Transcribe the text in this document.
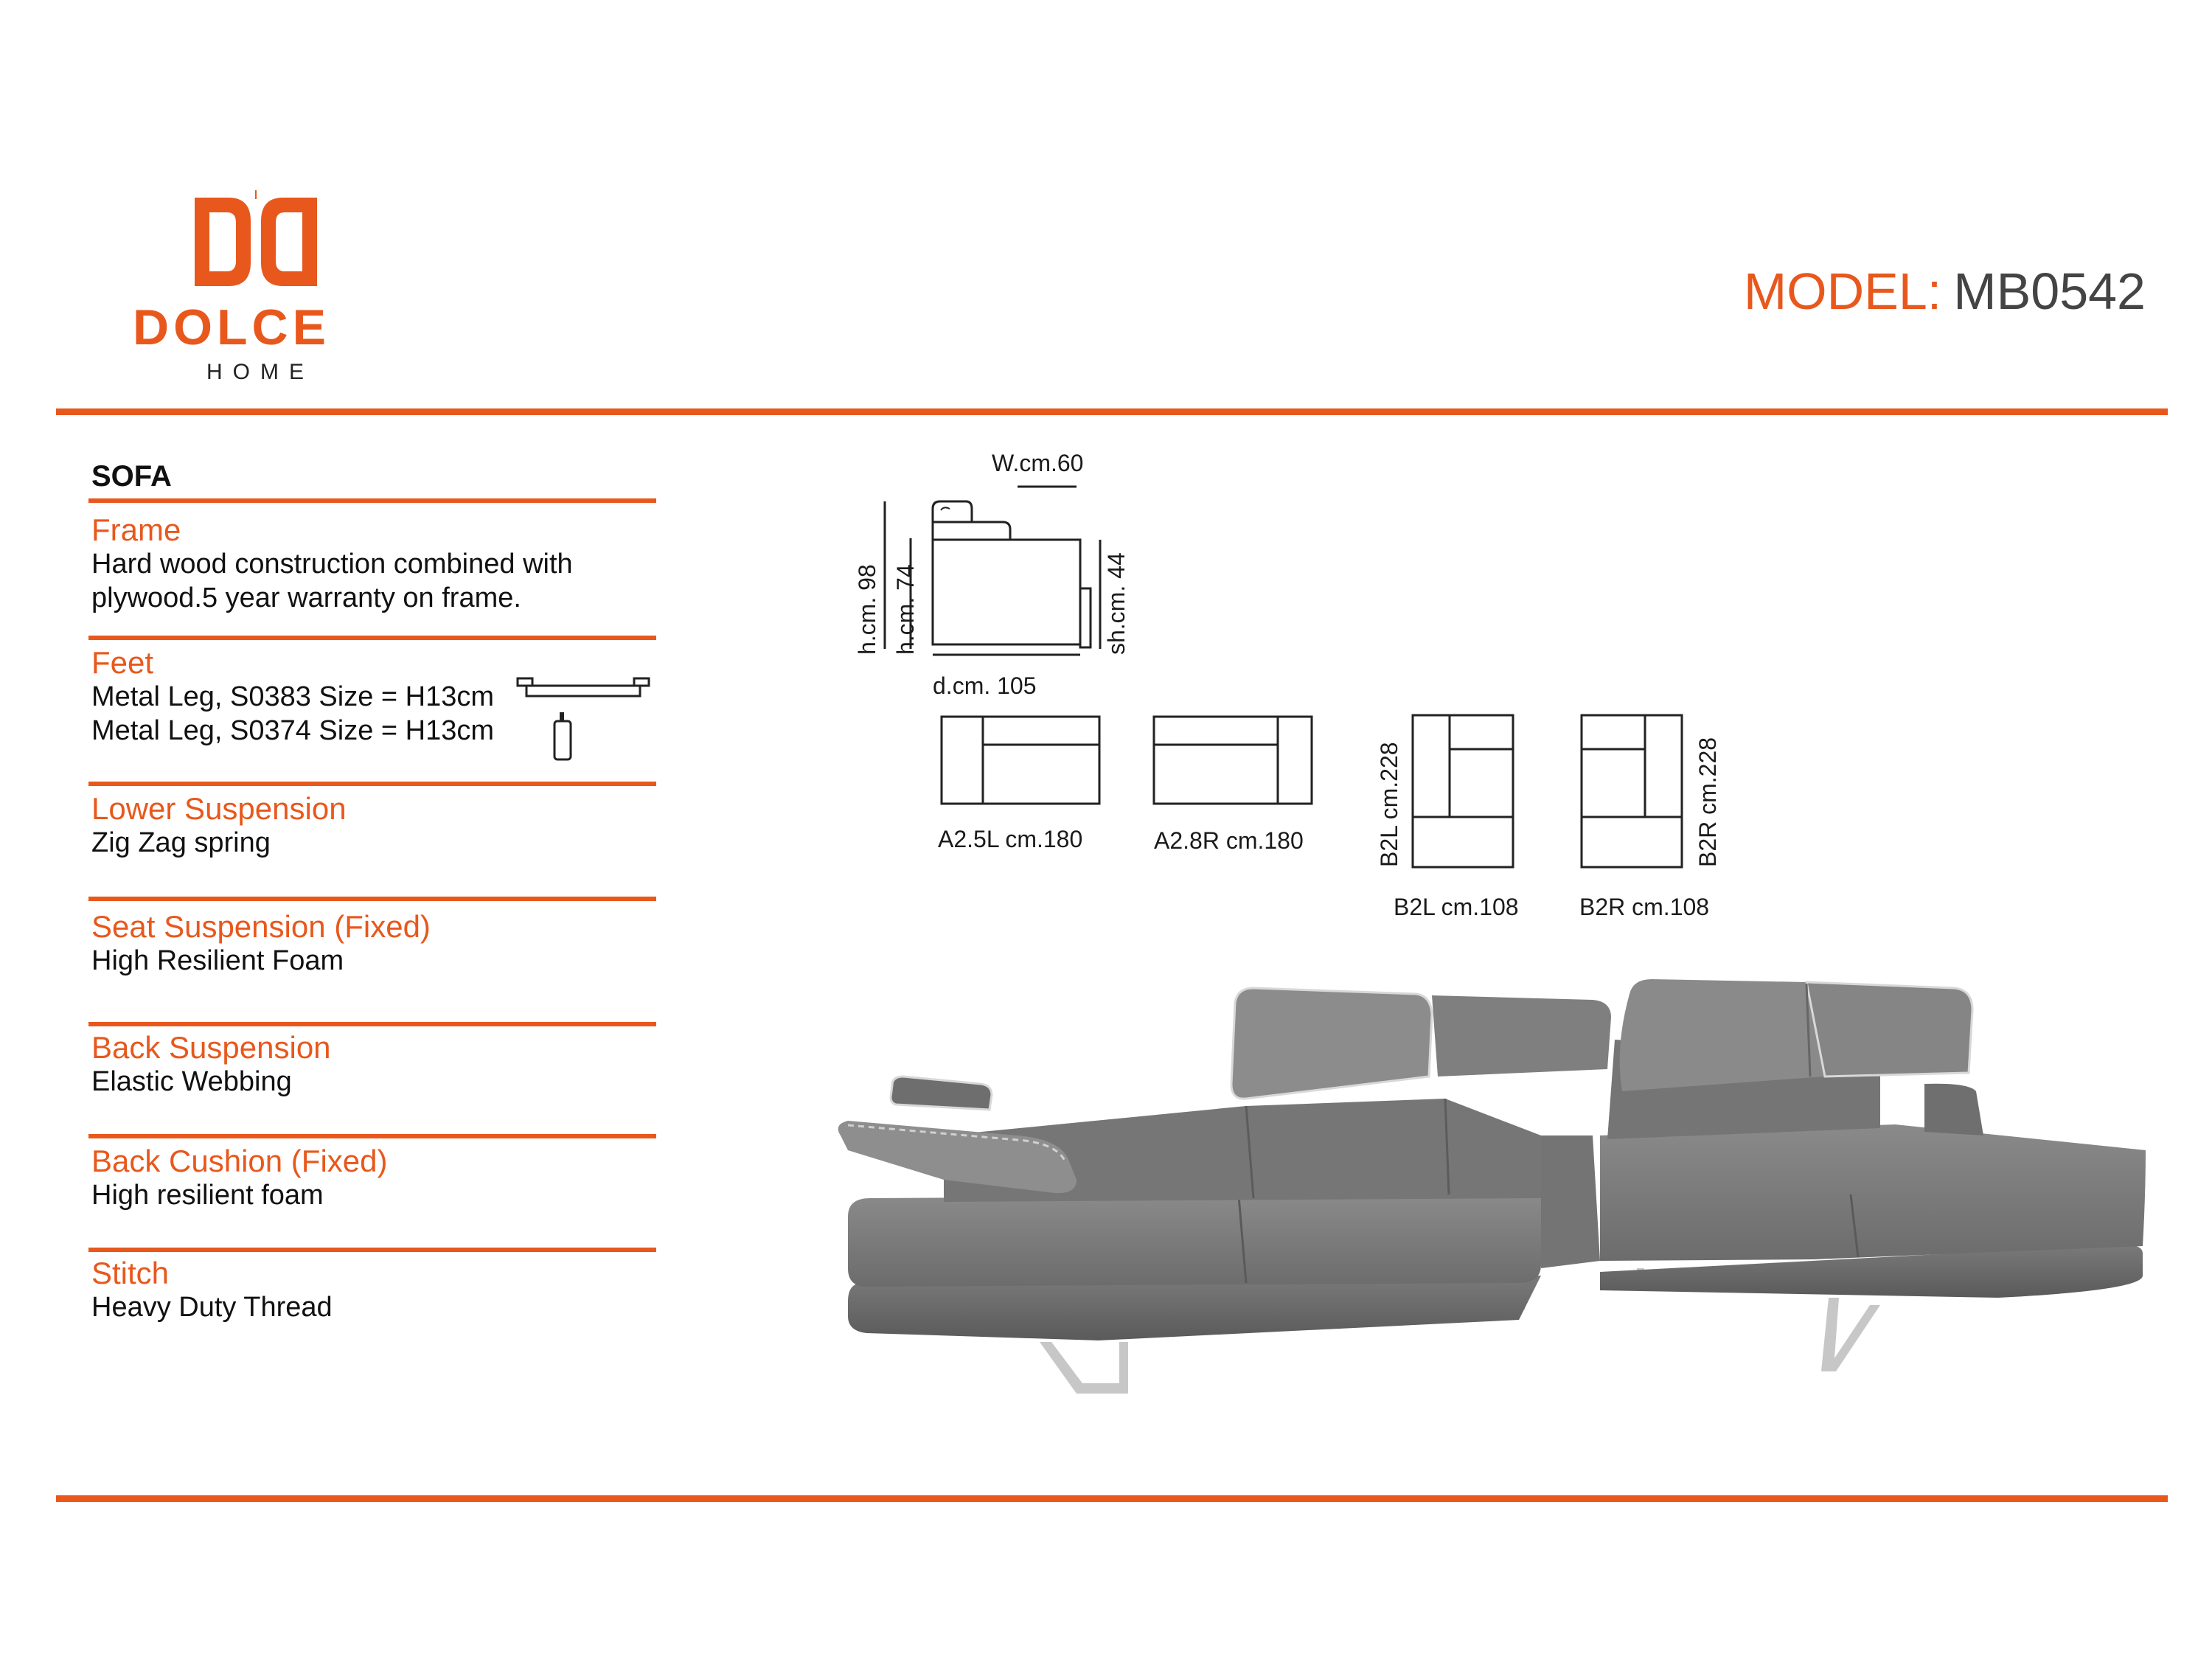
DOLCE
HOME
MODEL: MB0542
SOFA
Frame
Hard wood construction combined with
plywood.5 year warranty on frame.
Feet
Metal Leg, S0383 Size = H13cm
Metal Leg, S0374 Size = H13cm
Lower Suspension
Zig Zag spring
Seat Suspension (Fixed)
High Resilient Foam
Back Suspension
Elastic Webbing
Back Cushion (Fixed)
High resilient foam
Stitch
Heavy Duty Thread
W.cm.60
h.cm. 98 h.cm. 74	sh.cm. 44
d.cm. 105
A2.5L cm.180	A2.8R cm.180	B2L cm.228
B2L cm.108
B2R cm.228
B2R cm.108
